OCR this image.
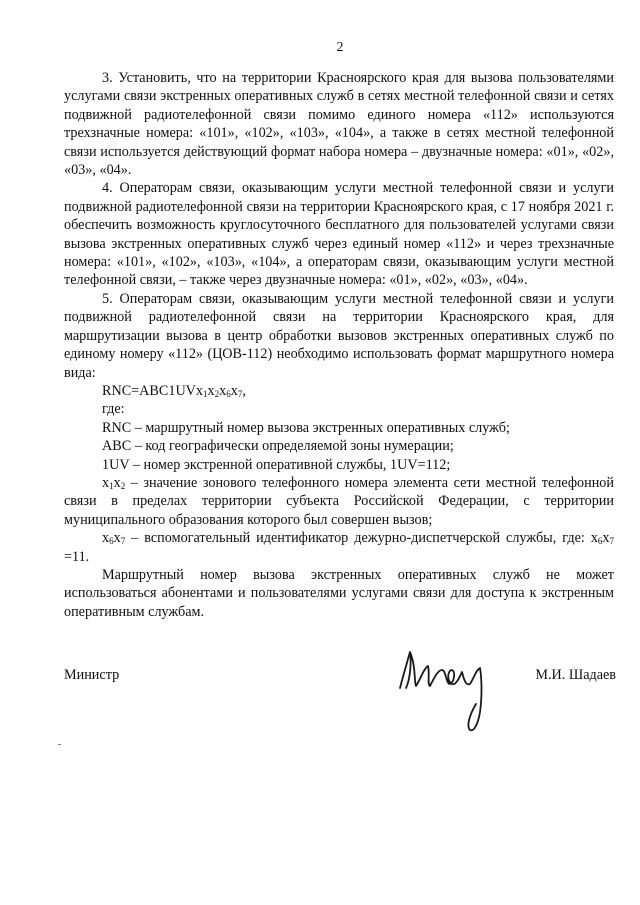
2

3. Установить, что на территории Красноярского края для вызова пользователями услугами связи экстренных оперативных служб в сетях местной телефонной связи и сетях подвижной радиотелефонной связи помимо единого номера «112» используются трехзначные номера: «101», «102», «103», «104», а также в сетях местной телефонной связи используется действующий формат набора номера – двузначные номера: «01», «02», «03», «04».

4. Операторам связи, оказывающим услуги местной телефонной связи и услуги подвижной радиотелефонной связи на территории Красноярского края, с 17 ноября 2021 г. обеспечить возможность круглосуточного бесплатного для пользователей услугами связи вызова экстренных оперативных служб через единый номер «112» и через трехзначные номера: «101», «102», «103», «104», а операторам связи, оказывающим услуги местной телефонной связи, – также через двузначные номера: «01», «02», «03», «04».

5. Операторам связи, оказывающим услуги местной телефонной связи и услуги подвижной радиотелефонной связи на территории Красноярского края, для маршрутизации вызова в центр обработки вызовов экстренных оперативных служб по единому номеру «112» (ЦОВ-112) необходимо использовать формат маршрутного номера вида:

$RNC=ABC1UVx_1x_2x_6x_7$,

где:

RNC – маршрутный номер вызова экстренных оперативных служб;

ABC – код географически определяемой зоны нумерации;

1UV – номер экстренной оперативной службы, 1UV=112;

$x_1x_2$ – значение зонового телефонного номера элемента сети местной телефонной связи в пределах территории субъекта Российской Федерации, с территории муниципального образования которого был совершен вызов;

$x_6x_7$ – вспомогательный идентификатор дежурно-диспетчерской службы, где: $x_6x_7 =11$.

Маршрутный номер вызова экстренных оперативных служб не может использоваться абонентами и пользователями услугами связи для доступа к экстренным оперативным службам.

Министр	М.И. Шадаев
